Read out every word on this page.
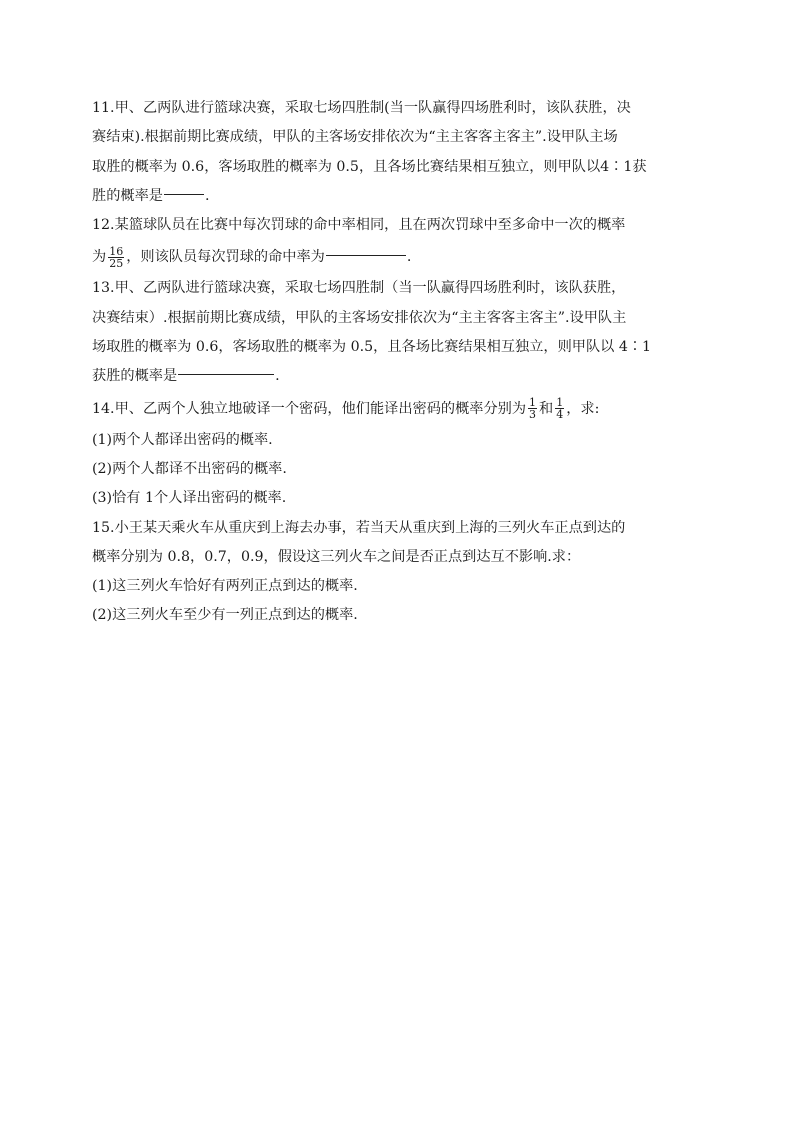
11.甲、乙两队进行篮球决赛，采取七场四胜制(当一队赢得四场胜利时，该队获胜，决
赛结束).根据前期比赛成绩，甲队的主客场安排依次为“主主客客主客主”.设甲队主场
取胜的概率为 0.6，客场取胜的概率为 0.5，且各场比赛结果相互独立，则甲队以4∶1获
胜的概率是	.
12.某篮球队员在比赛中每次罚球的命中率相同，且在两次罚球中至多命中一次的概率
为 $\frac{16}{25}$ ，则该队员每次罚球的命中率为	.
13.甲、乙两队进行篮球决赛，采取七场四胜制（当一队赢得四场胜利时，该队获胜，
决赛结束）.根据前期比赛成绩，甲队的主客场安排依次为“主主客客主客主”.设甲队主
场取胜的概率为 0.6，客场取胜的概率为 0.5，且各场比赛结果相互独立，则甲队以 4∶1
获胜的概率是	.
14.甲、乙两个人独立地破译一个密码，他们能译出密码的概率分别为 $\frac{1}{3}$ 和 $\frac{1}{4}$ ，求:
(1)两个人都译出密码的概率.
(2)两个人都译不出密码的概率.
(3)恰有 1个人译出密码的概率.
15.小王某天乘火车从重庆到上海去办事，若当天从重庆到上海的三列火车正点到达的
概率分别为 0.8，0.7，0.9，假设这三列火车之间是否正点到达互不影响.求：
(1)这三列火车恰好有两列正点到达的概率.
(2)这三列火车至少有一列正点到达的概率.
